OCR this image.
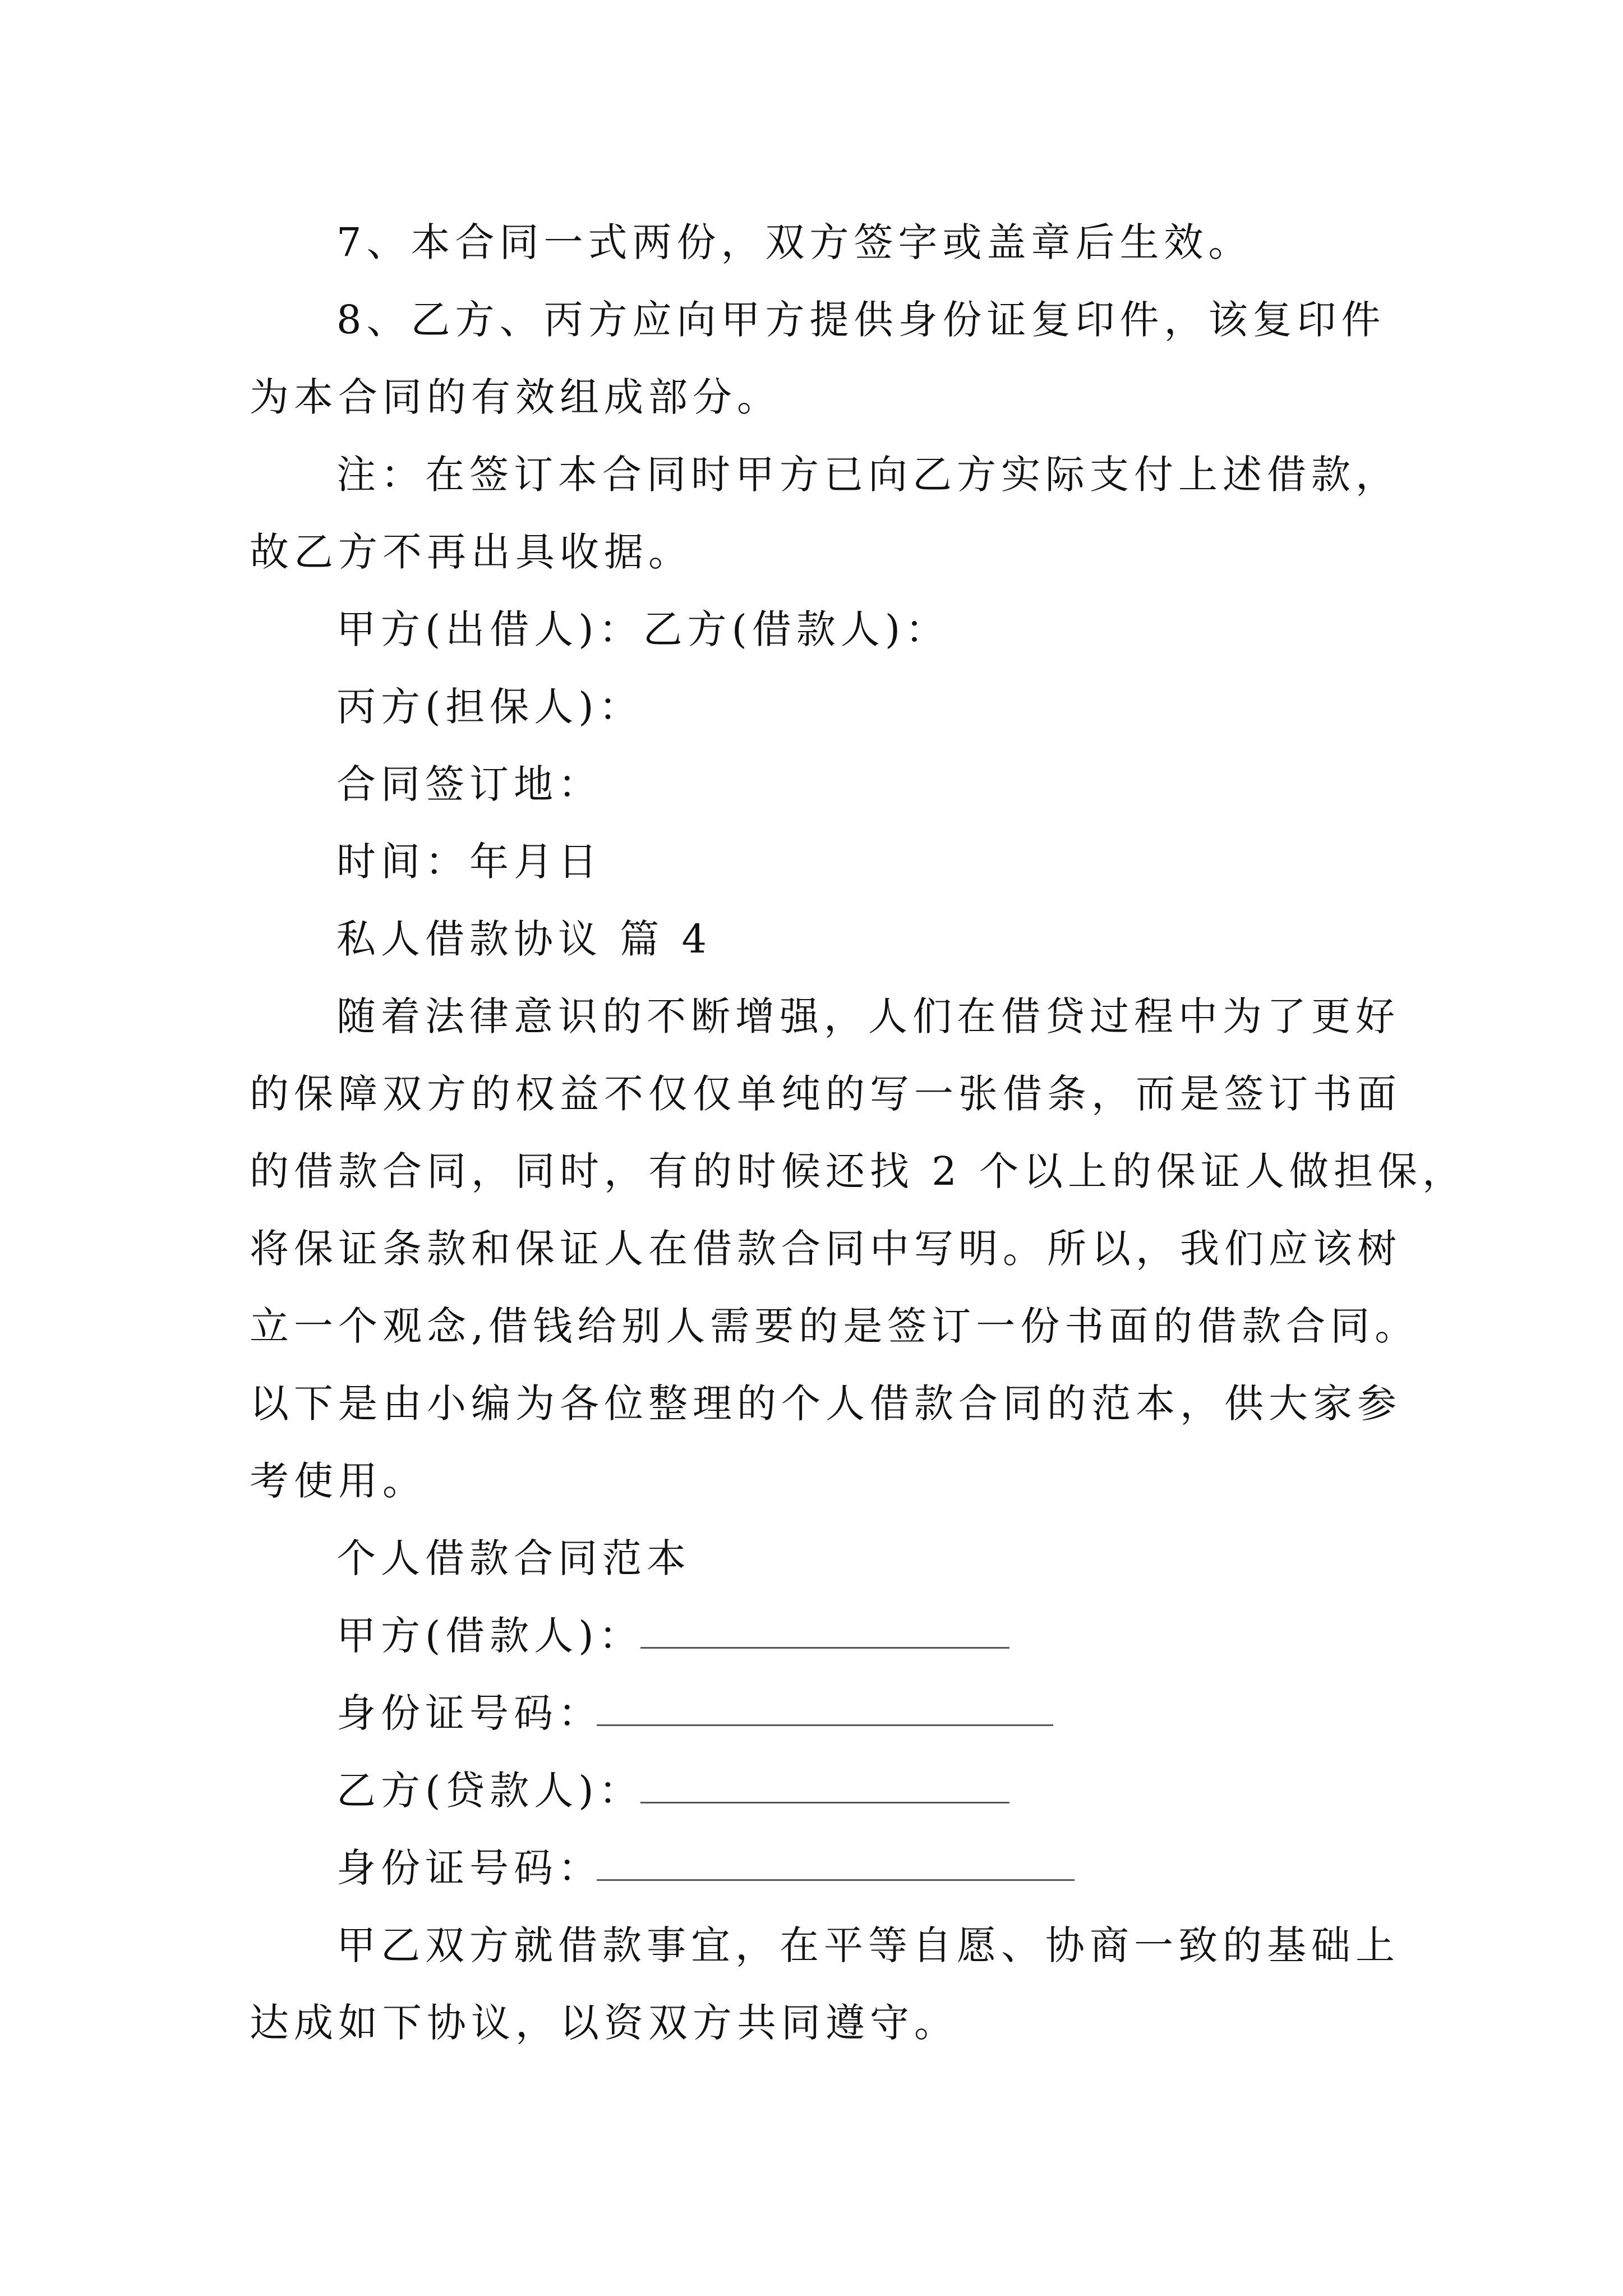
7、本合同一式两份，双方签字或盖章后生效。
8、乙方、丙方应向甲方提供身份证复印件，该复印件
为本合同的有效组成部分。
注：在签订本合同时甲方已向乙方实际支付上述借款，
故乙方不再出具收据。
甲方(出借人)：乙方(借款人)：
丙方(担保人)：
合同签订地：
时间：年月日
私人借款协议 篇 4
随着法律意识的不断增强，人们在借贷过程中为了更好
的保障双方的权益不仅仅单纯的写一张借条，而是签订书面
的借款合同，同时，有的时候还找 2 个以上的保证人做担保，
将保证条款和保证人在借款合同中写明。所以，我们应该树
立一个观念,借钱给别人需要的是签订一份书面的借款合同。
以下是由小编为各位整理的个人借款合同的范本，供大家参
考使用。
个人借款合同范本
甲方(借款人)：
身份证号码：
乙方(贷款人)：
身份证号码：
甲乙双方就借款事宜，在平等自愿、协商一致的基础上
达成如下协议，以资双方共同遵守。
